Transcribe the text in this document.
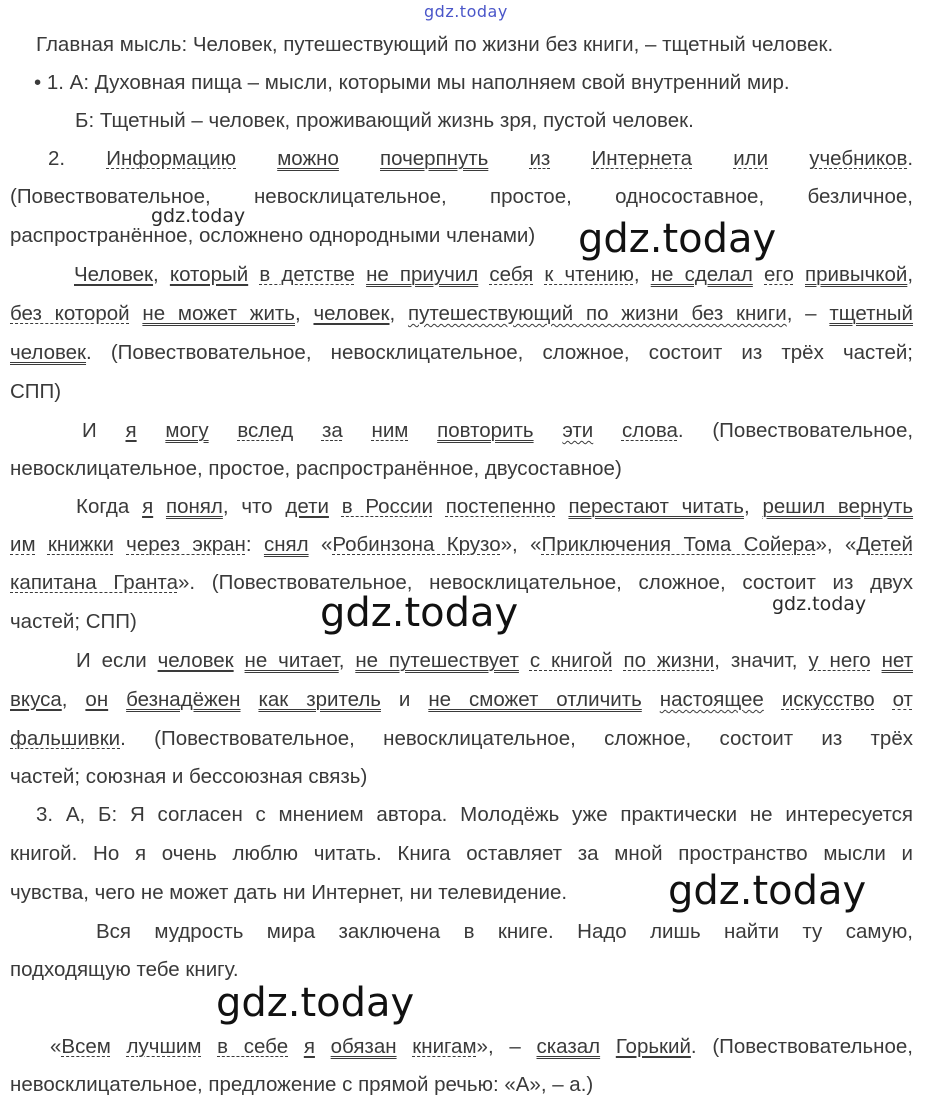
gdz.today
Главная мысль: Человек, путешествующий по жизни без книги, – тщетный человек.
• 1. А: Духовная пища – мысли, которыми мы наполняем свой внутренний мир.
Б: Тщетный – человек, проживающий жизнь зря, пустой человек.
2. Информацию можно почерпнуть из Интернета или учебников.
(Повествовательное, невосклицательное, простое, односоставное, безличное,
распространённое, осложнено однородными членами)
Человек, который в детстве не приучил себя к чтению, не сделал его привычкой,
без которой не может жить, человек, путешествующий по жизни без книги, – тщетный
человек. (Повествовательное, невосклицательное, сложное, состоит из трёх частей;
СПП)
И я могу вслед за ним повторить эти слова. (Повествовательное,
невосклицательное, простое, распространённое, двусоставное)
Когда я понял, что дети в России постепенно перестают читать, решил вернуть
им книжки через экран: снял «Робинзона Крузо», «Приключения Тома Сойера», «Детей
капитана Гранта». (Повествовательное, невосклицательное, сложное, состоит из двух
частей; СПП)
И если человек не читает, не путешествует с книгой по жизни, значит, у него нет
вкуса, он безнадёжен как зритель и не сможет отличить настоящее искусство от
фальшивки. (Повествовательное, невосклицательное, сложное, состоит из трёх
частей; союзная и бессоюзная связь)
3. А, Б: Я согласен с мнением автора. Молодёжь уже практически не интересуется
книгой. Но я очень люблю читать. Книга оставляет за мной пространство мысли и
чувства, чего не может дать ни Интернет, ни телевидение.
Вся мудрость мира заключена в книге. Надо лишь найти ту самую,
подходящую тебе книгу.
«Всем лучшим в себе я обязан книгам», – сказал Горький. (Повествовательное,
невосклицательное, предложение с прямой речью: «А», – а.)
gdz.today	gdz.today
gdz.today	gdz.today
gdz.today
gdz.today
